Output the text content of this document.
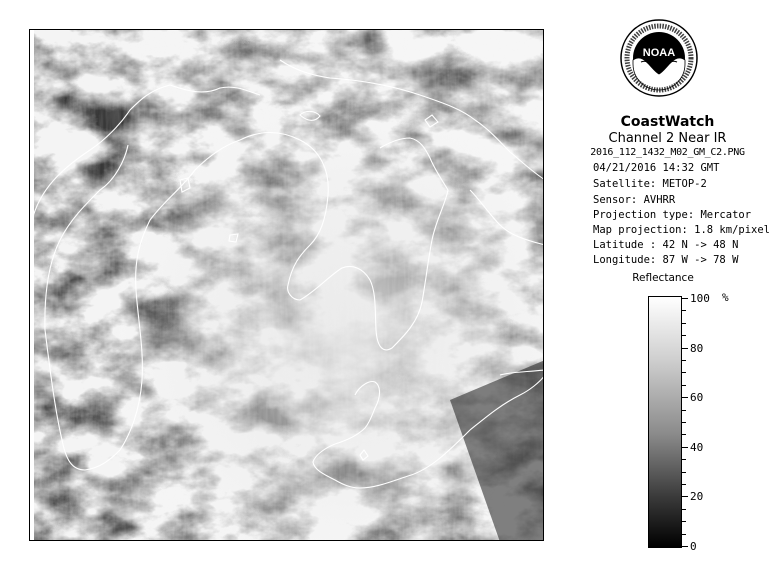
NOAA
CoastWatch
Channel 2 Near IR
2016_112_1432_M02_GM_C2.PNG
04/21/2016 14:32 GMT
Satellite: METOP-2
Sensor: AVHRR
Projection type: Mercator
Map projection: 1.8 km/pixel
Latitude : 42 N -> 48 N
Longitude: 87 W -> 78 W
Reflectance
%
100
80
60
40
20
0
